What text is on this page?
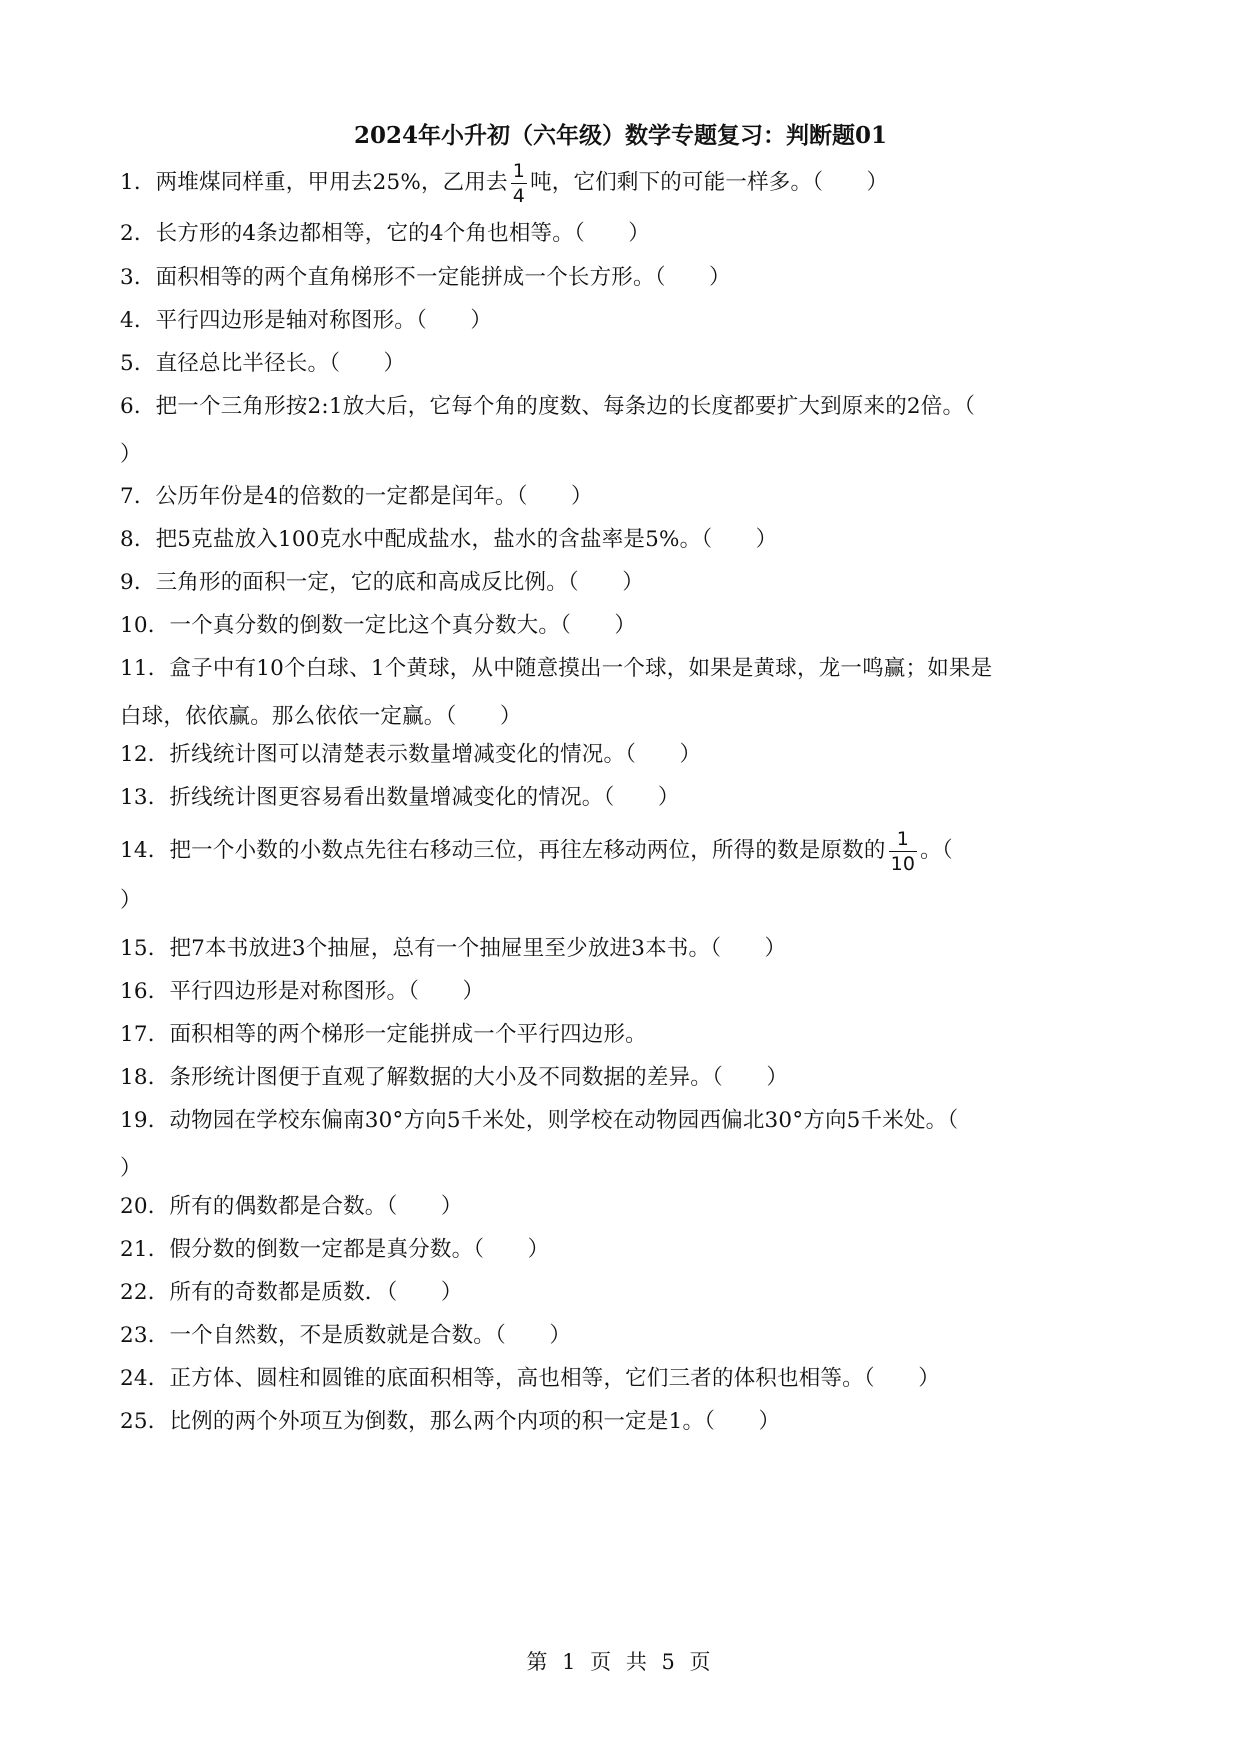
2024年小升初（六年级）数学专题复习：判断题01
1．两堆煤同样重，甲用去25%，乙用去 $\frac{1}{4}$ 吨，它们剩下的可能一样多。（　　）
2．长方形的4条边都相等，它的4个角也相等。（　　）
3．面积相等的两个直角梯形不一定能拼成一个长方形。（　　）
4．平行四边形是轴对称图形。（　　）
5．直径总比半径长。（　　）
6．把一个三角形按2:1放大后，它每个角的度数、每条边的长度都要扩大到原来的2倍。（
）
7．公历年份是4的倍数的一定都是闰年。（　　）
8．把5克盐放入100克水中配成盐水，盐水的含盐率是5%。（　　）
9．三角形的面积一定，它的底和高成反比例。（　　）
10．一个真分数的倒数一定比这个真分数大。（　　）
11．盒子中有10个白球、1个黄球，从中随意摸出一个球，如果是黄球，龙一鸣赢；如果是
白球，依依赢。那么依依一定赢。（　　）
12．折线统计图可以清楚表示数量增减变化的情况。（　　）
13．折线统计图更容易看出数量增减变化的情况。（　　）
14．把一个小数的小数点先往右移动三位，再往左移动两位，所得的数是原数的 $\frac{1}{10}$ 。（
）
15．把7本书放进3个抽屉，总有一个抽屉里至少放进3本书。（　　）
16．平行四边形是对称图形。（　　）
17．面积相等的两个梯形一定能拼成一个平行四边形。
18．条形统计图便于直观了解数据的大小及不同数据的差异。（　　）
19．动物园在学校东偏南30°方向5千米处，则学校在动物园西偏北30°方向5千米处。（
）
20．所有的偶数都是合数。（　　）
21．假分数的倒数一定都是真分数。（　　）
22．所有的奇数都是质数．（　　）
23．一个自然数，不是质数就是合数。（　　）
24．正方体、圆柱和圆锥的底面积相等，高也相等，它们三者的体积也相等。（　　）
25．比例的两个外项互为倒数，那么两个内项的积一定是1。（　　）
第 1 页 共 5 页
